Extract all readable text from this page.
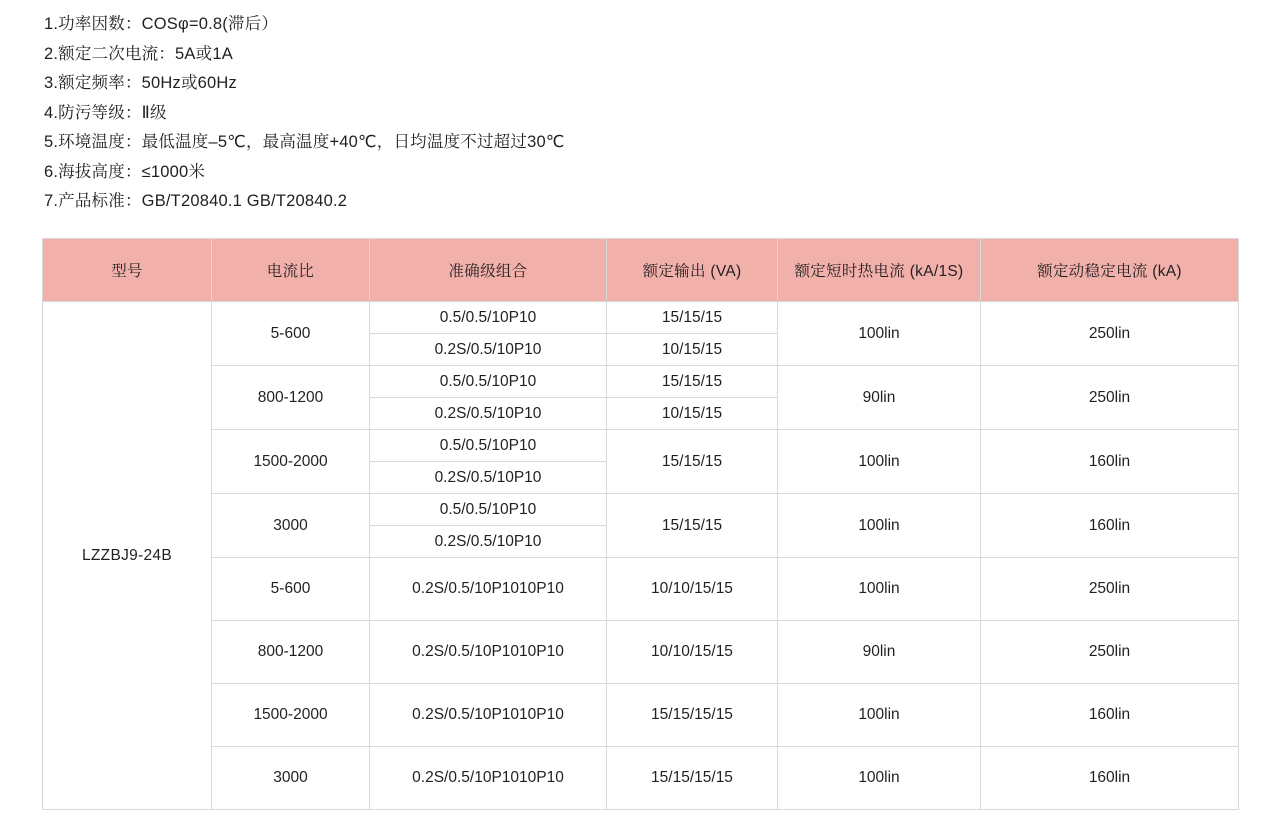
1.功率因数：COSφ=0.8(滞后）
2.额定二次电流：5A或1A
3.额定频率：50Hz或60Hz
4.防污等级：Ⅱ级
5.环境温度：最低温度–5℃，最高温度+40℃，日均温度不过超过30℃
6.海拔高度：≤1000米
7.产品标准：GB/T20840.1 GB/T20840.2
型号	电流比	准确级组合	额定输出 (VA)	额定短时热电流 (kA/1S)	额定动稳定电流 (kA)
LZZBJ9-24B	5-600	0.5/0.5/10P10	15/15/15	100lin	250lin
		0.2S/0.5/10P10	10/15/15		
	800-1200	0.5/0.5/10P10	15/15/15	90lin	250lin
		0.2S/0.5/10P10	10/15/15		
	1500-2000	0.5/0.5/10P10	15/15/15	100lin	160lin
		0.2S/0.5/10P10			
	3000	0.5/0.5/10P10	15/15/15	100lin	160lin
		0.2S/0.5/10P10			
	5-600	0.2S/0.5/10P1010P10	10/10/15/15	100lin	250lin

	800-1200	0.2S/0.5/10P1010P10	10/10/15/15	90lin	250lin

	1500-2000	0.2S/0.5/10P1010P10	15/15/15/15	100lin	160lin

	3000	0.2S/0.5/10P1010P10	15/15/15/15	100lin	160lin
